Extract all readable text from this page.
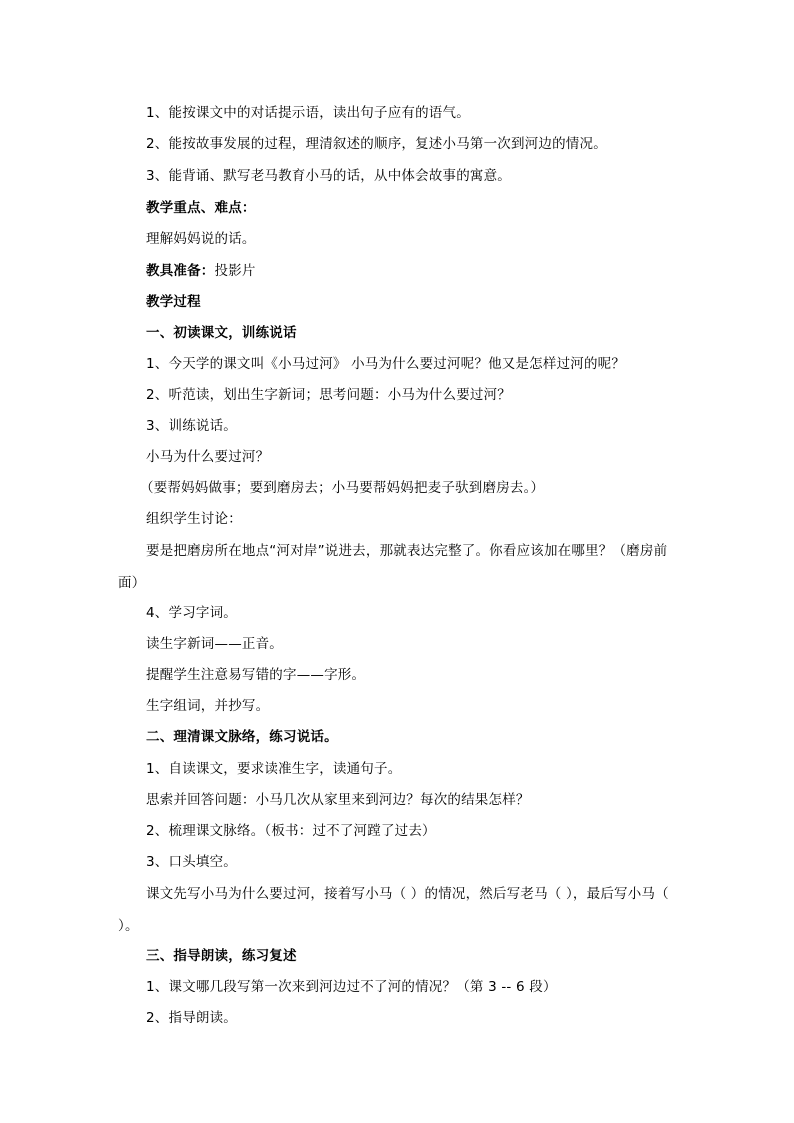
1、能按课文中的对话提示语，读出句子应有的语气。
2、能按故事发展的过程，理清叙述的顺序，复述小马第一次到河边的情况。
3、能背诵、默写老马教育小马的话，从中体会故事的寓意。
教学重点、难点：
理解妈妈说的话。
教具准备：投影片
教学过程
一、初读课文，训练说话
1、今天学的课文叫《小马过河》 小马为什么要过河呢？他又是怎样过河的呢？
2、听范读，划出生字新词；思考问题：小马为什么要过河？
3、训练说话。
小马为什么要过河？
（要帮妈妈做事；要到磨房去；小马要帮妈妈把麦子驮到磨房去。）
组织学生讨论：
要是把磨房所在地点“河对岸”说进去，那就表达完整了。你看应该加在哪里？（磨房前面）
4、学习字词。
读生字新词——正音。
提醒学生注意易写错的字——字形。
生字组词，并抄写。
二、理清课文脉络，练习说话。
1、自读课文，要求读准生字，读通句子。
思索并回答问题：小马几次从家里来到河边？每次的结果怎样？
2、梳理课文脉络。（板书：过不了河蹚了过去）
3、口头填空。
课文先写小马为什么要过河，接着写小马（ ）的情况，然后写老马（ ），最后写小马（ ）。
三、指导朗读，练习复述
1、课文哪几段写第一次来到河边过不了河的情况？（第 3 -- 6 段）
2、指导朗读。
